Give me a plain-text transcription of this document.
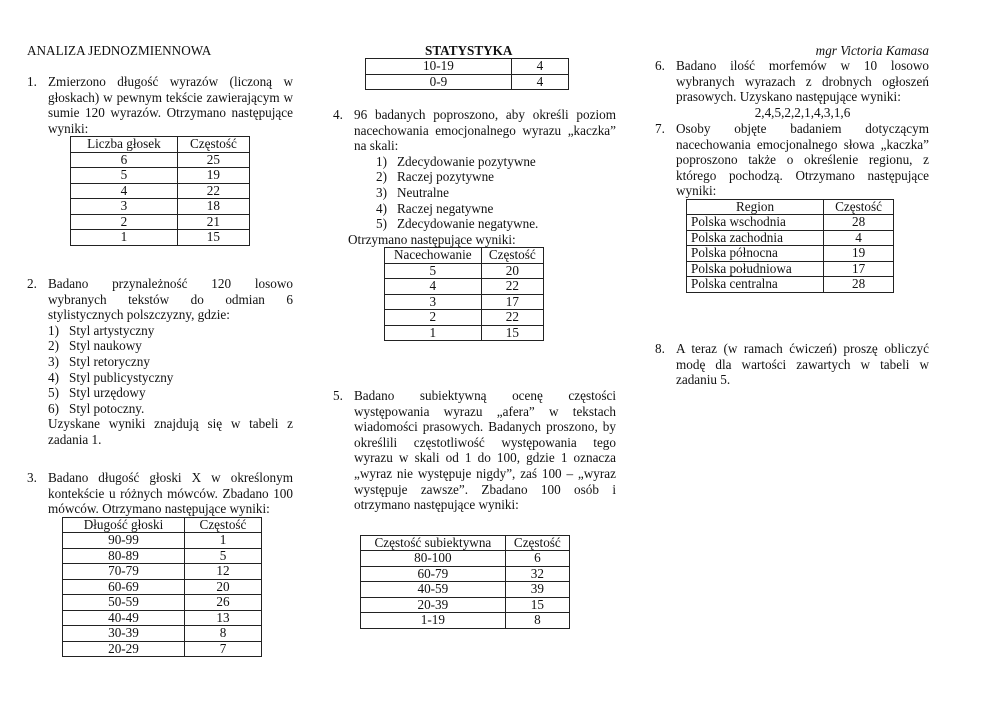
ANALIZA JEDNOZMIENNOWA
1. Zmierzono długość wyrazów (liczoną w głoskach) w pewnym tekście zawierającym w sumie 120 wyrazów. Otrzymano następujące wyniki:

Liczba głosek	Częstość
6	25
5	19
4	22
3	18
2	21
1	15
2. Badano przynależność 120 losowo wybranych tekstów do odmian 6 stylistycznych polszczyzny, gdzie:

1) Styl artystyczny
2) Styl naukowy
3) Styl retoryczny
4) Styl publicystyczny
5) Styl urzędowy
6) Styl potoczny.

Uzyskane wyniki znajdują się w tabeli z zadania 1.

3. Badano długość głoski X w określonym kontekście u różnych mówców. Zbadano 100 mówców. Otrzymano następujące wyniki:

Długość głoski	Częstość
90-99	1
80-89	5
70-79	12
60-69	20
50-59	26
40-49	13
30-39	8
20-29	7
STATYSTYKA
10-19	4
0-9	4
4. 96 badanych poproszono, aby określi poziom nacechowania emocjonalnego wyrazu „kaczka” na skali:

1) Zdecydowanie pozytywne
2) Raczej pozytywne
3) Neutralne
4) Raczej negatywne
5) Zdecydowanie negatywne.
Otrzymano następujące wyniki:
Nacechowanie	Częstość
5	20
4	22
3	17
2	22
1	15
5. Badano subiektywną ocenę częstości występowania wyrazu „afera” w tekstach wiadomości prasowych. Badanych proszono, by określili częstotliwość występowania tego wyrazu w skali od 1 do 100, gdzie 1 oznacza „wyraz nie występuje nigdy”, zaś 100 – „wyraz występuje zawsze”. Zbadano 100 osób i otrzymano następujące wyniki:

Częstość subiektywna	Częstość
80-100	6
60-79	32
40-59	39
20-39	15
1-19	8
mgr Victoria Kamasa
6. Badano ilość morfemów w 10 losowo wybranych wyrazach z drobnych ogłoszeń prasowych. Uzyskano następujące wyniki:

2,4,5,2,2,1,4,3,1,6

7. Osoby objęte badaniem dotyczącym nacechowania emocjonalnego słowa „kaczka” poproszono także o określenie regionu, z którego pochodzą. Otrzymano następujące wyniki:

Region	Częstość
Polska wschodnia	28
Polska zachodnia	4
Polska północna	19
Polska południowa	17
Polska centralna	28
8. A teraz (w ramach ćwiczeń) proszę obliczyć modę dla wartości zawartych w tabeli w zadaniu 5.
